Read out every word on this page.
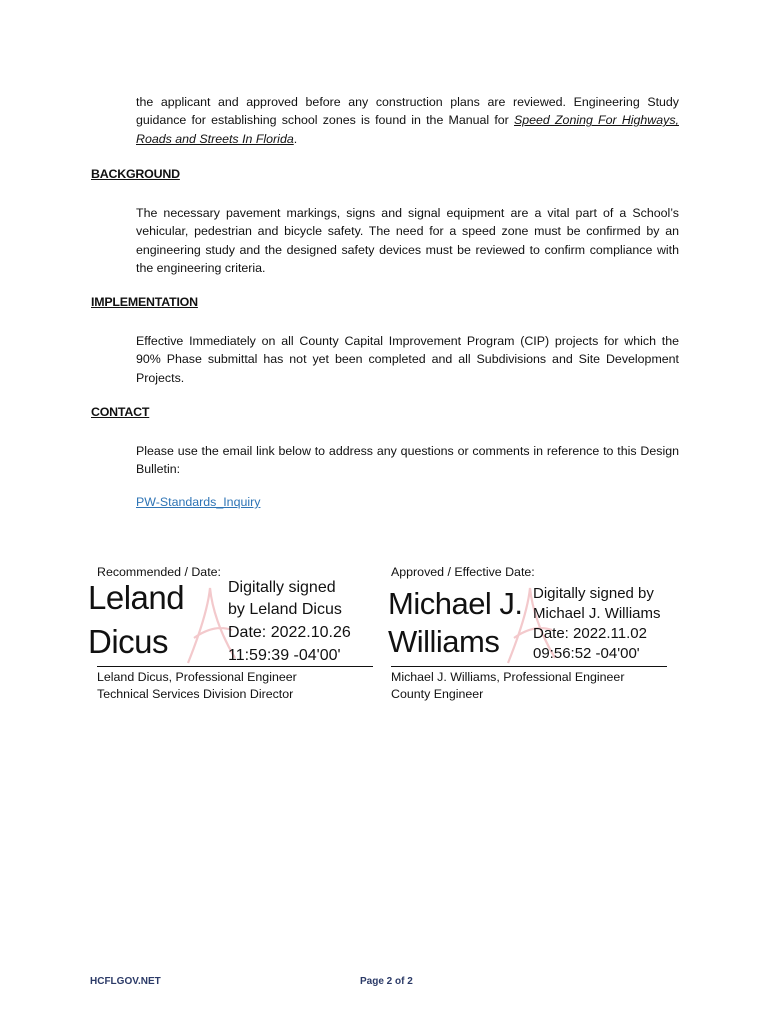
the applicant and approved before any construction plans are reviewed. Engineering Study guidance for establishing school zones is found in the Manual for Speed Zoning For Highways, Roads and Streets In Florida.
BACKGROUND
The necessary pavement markings, signs and signal equipment are a vital part of a School’s vehicular, pedestrian and bicycle safety. The need for a speed zone must be confirmed by an engineering study and the designed safety devices must be reviewed to confirm compliance with the engineering criteria.
IMPLEMENTATION
Effective Immediately on all County Capital Improvement Program (CIP) projects for which the 90% Phase submittal has not yet been completed and all Subdivisions and Site Development Projects.
CONTACT
Please use the email link below to address any questions or comments in reference to this Design Bulletin:
PW-Standards_Inquiry
Recommended / Date:
Leland
Dicus
Digitally signed
by Leland Dicus
Date: 2022.10.26
11:59:39 -04'00'
Leland Dicus, Professional Engineer
Technical Services Division Director
Approved / Effective Date:
Michael J.
Williams
Digitally signed by
Michael J. Williams
Date: 2022.11.02
09:56:52 -04'00'
Michael J. Williams, Professional Engineer
County Engineer
HCFLGOV.NET	Page 2 of 2
